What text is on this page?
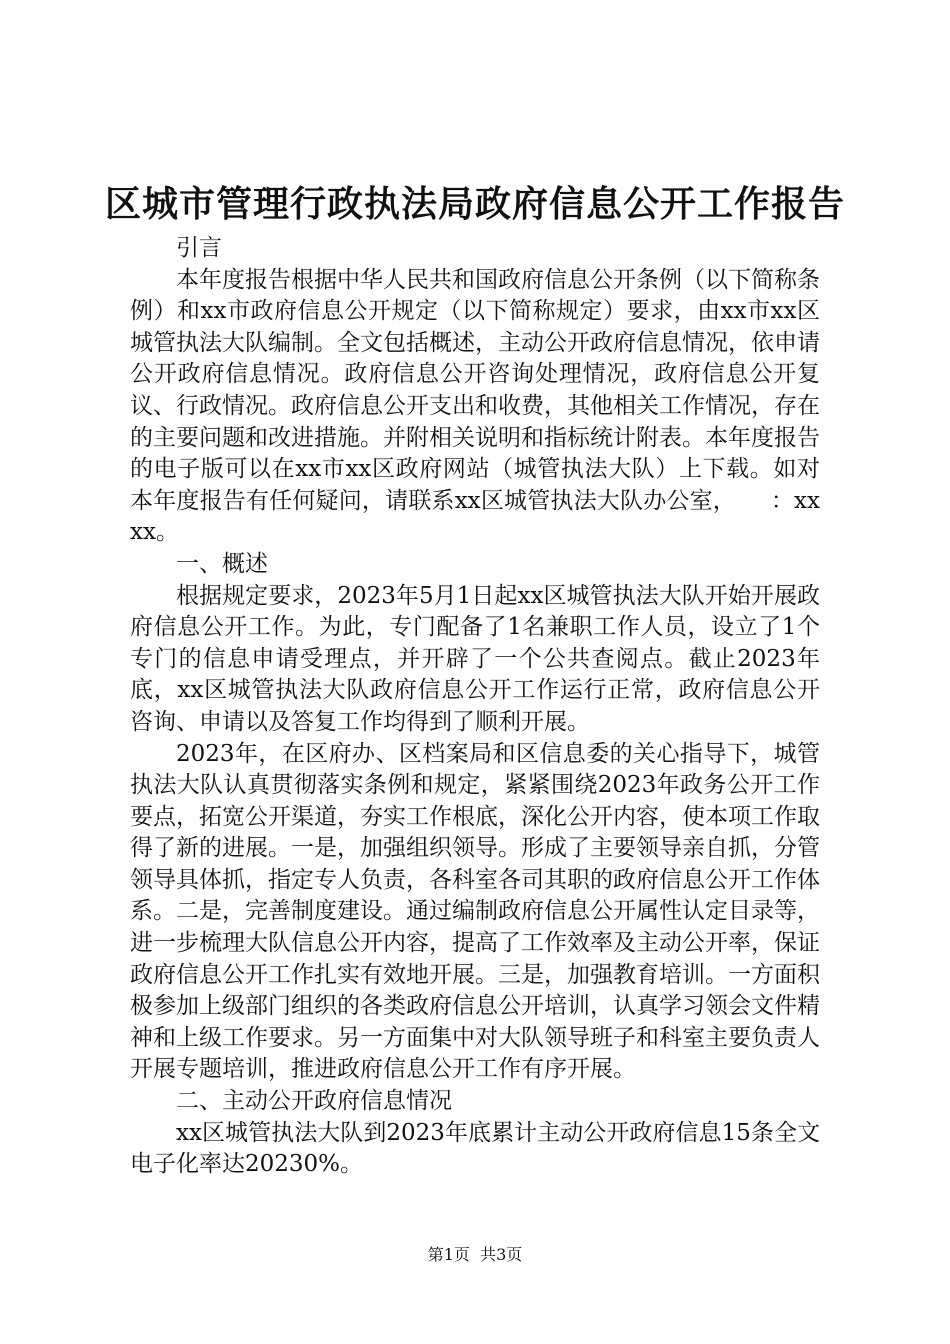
区城市管理行政执法局政府信息公开工作报告

引言

本年度报告根据中华人民共和国政府信息公开条例（以下简称条例）和xx市政府信息公开规定（以下简称规定）要求，由xx市xx区城管执法大队编制。全文包括概述，主动公开政府信息情况，依申请公开政府信息情况。政府信息公开咨询处理情况，政府信息公开复议、行政情况。政府信息公开支出和收费，其他相关工作情况，存在的主要问题和改进措施。并附相关说明和指标统计附表。本年度报告的电子版可以在xx市xx区政府网站（城管执法大队）上下载。如对本年度报告有任何疑问，请联系xx区城管执法大队办公室，　　：xxxx。

一、概述

根据规定要求，2023年5月1日起xx区城管执法大队开始开展政府信息公开工作。为此，专门配备了1名兼职工作人员，设立了1个专门的信息申请受理点，并开辟了一个公共查阅点。截止2023年底，xx区城管执法大队政府信息公开工作运行正常，政府信息公开咨询、申请以及答复工作均得到了顺利开展。

2023年，在区府办、区档案局和区信息委的关心指导下，城管执法大队认真贯彻落实条例和规定，紧紧围绕2023年政务公开工作要点，拓宽公开渠道，夯实工作根底，深化公开内容，使本项工作取得了新的进展。一是，加强组织领导。形成了主要领导亲自抓，分管领导具体抓，指定专人负责，各科室各司其职的政府信息公开工作体系。二是，完善制度建设。通过编制政府信息公开属性认定目录等，进一步梳理大队信息公开内容，提高了工作效率及主动公开率，保证政府信息公开工作扎实有效地开展。三是，加强教育培训。一方面积极参加上级部门组织的各类政府信息公开培训，认真学习领会文件精神和上级工作要求。另一方面集中对大队领导班子和科室主要负责人开展专题培训，推进政府信息公开工作有序开展。

二、主动公开政府信息情况

xx区城管执法大队到2023年底累计主动公开政府信息15条全文电子化率达20230%。

第1页  共3页
